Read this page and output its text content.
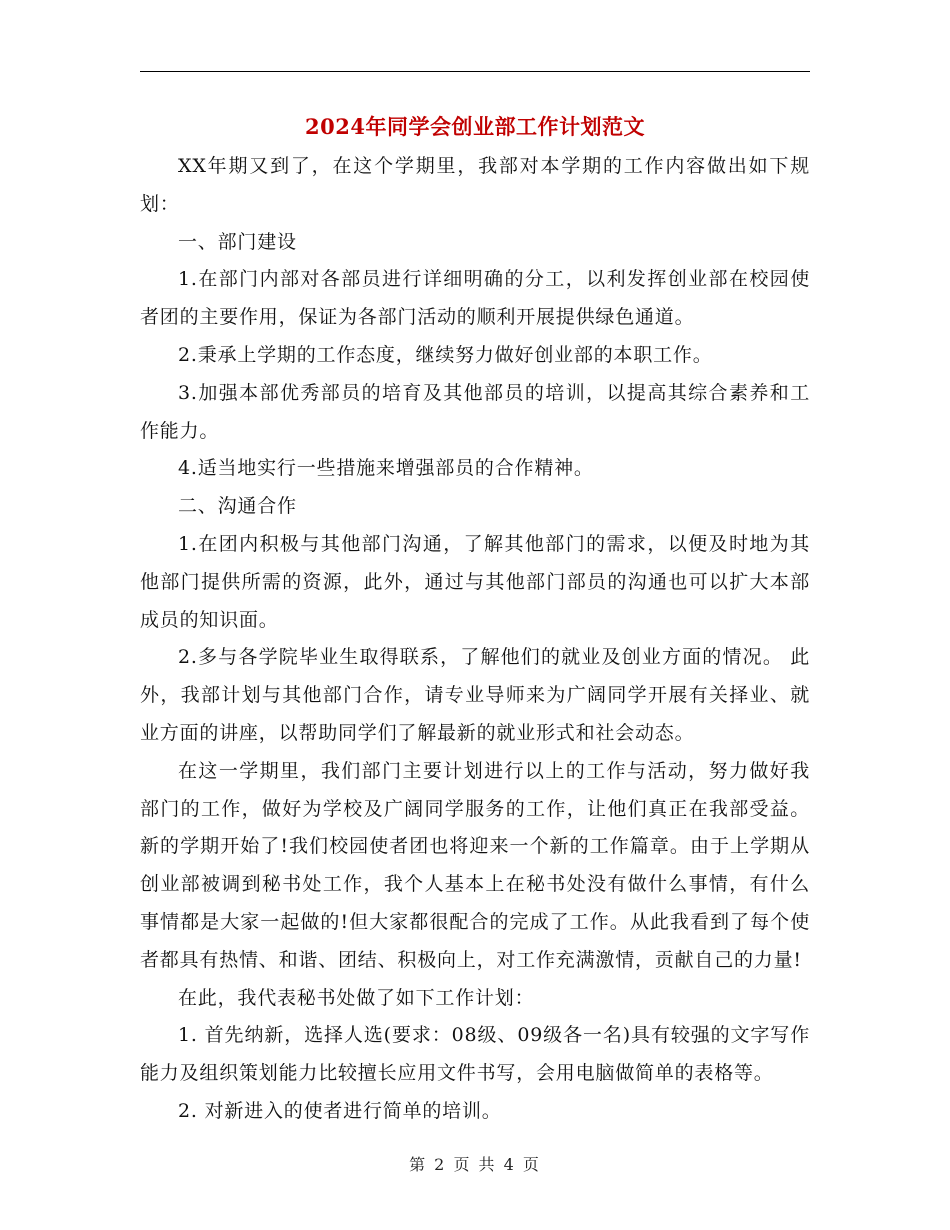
2024年同学会创业部工作计划范文

XX年期又到了，在这个学期里，我部对本学期的工作内容做出如下规划：

一、部门建设

1.在部门内部对各部员进行详细明确的分工，以利发挥创业部在校园使者团的主要作用，保证为各部门活动的顺利开展提供绿色通道。

2.秉承上学期的工作态度，继续努力做好创业部的本职工作。

3.加强本部优秀部员的培育及其他部员的培训，以提高其综合素养和工作能力。

4.适当地实行一些措施来增强部员的合作精神。

二、沟通合作

1.在团内积极与其他部门沟通，了解其他部门的需求，以便及时地为其他部门提供所需的资源，此外，通过与其他部门部员的沟通也可以扩大本部成员的知识面。

2.多与各学院毕业生取得联系，了解他们的就业及创业方面的情况。 此外，我部计划与其他部门合作，请专业导师来为广阔同学开展有关择业、就业方面的讲座，以帮助同学们了解最新的就业形式和社会动态。

在这一学期里，我们部门主要计划进行以上的工作与活动，努力做好我部门的工作，做好为学校及广阔同学服务的工作，让他们真正在我部受益。新的学期开始了!我们校园使者团也将迎来一个新的工作篇章。由于上学期从创业部被调到秘书处工作，我个人基本上在秘书处没有做什么事情，有什么事情都是大家一起做的!但大家都很配合的完成了工作。从此我看到了每个使者都具有热情、和谐、团结、积极向上，对工作充满激情，贡献自己的力量!

在此，我代表秘书处做了如下工作计划：

1. 首先纳新，选择人选(要求：08级、09级各一名)具有较强的文字写作能力及组织策划能力比较擅长应用文件书写，会用电脑做简单的表格等。

2. 对新进入的使者进行简单的培训。

第 2 页 共 4 页
